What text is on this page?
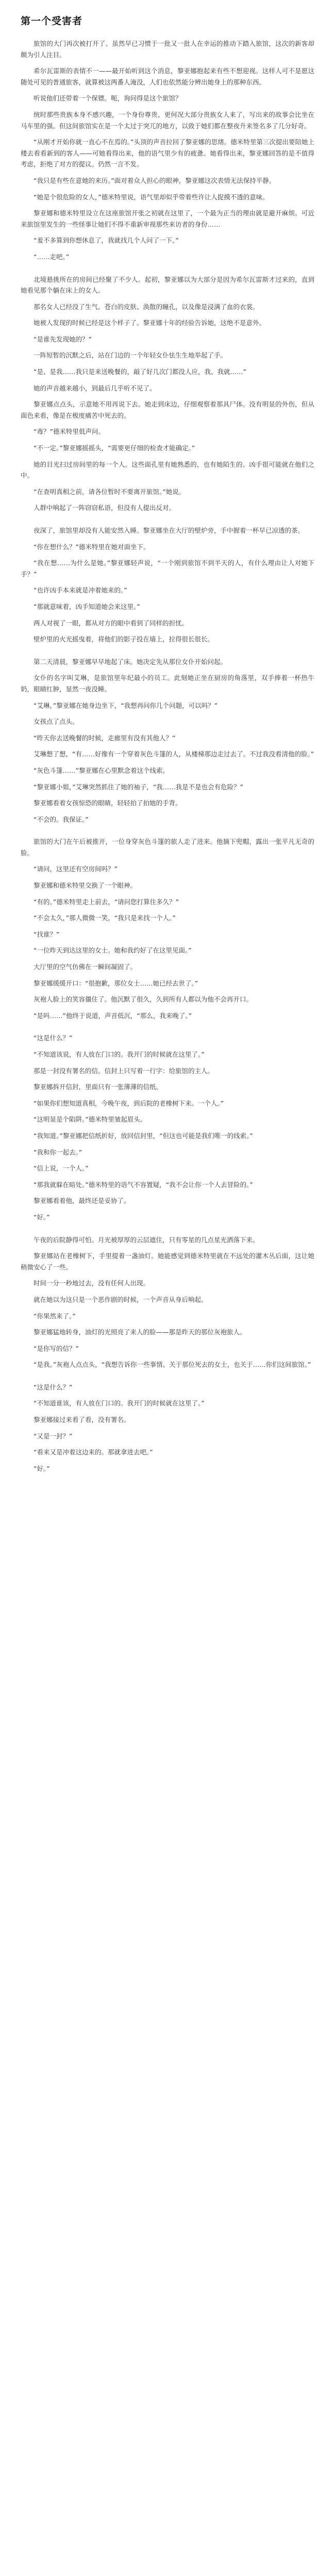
第一个受害者

旅馆的大门再次被打开了。虽然早已习惯于一批又一批人在幸运的推动下踏入旅馆，这次的新客却颇为引人注目。

希尔瓦雷斯的表情不一——最开始听到这个消息，黎亚娜抱起来有些不想迎视。这样人可不是愿这随处可见的普通旅客，就算被这两番人淹没，人们也依然能分辨出她身上的那种东西。

听说他们还带着一个保镖。呃，询问得是这个旅馆？

统时那些贵族本身不感兴趣，一个身份尊贵、更何况大部分贵族女人来了，写出来的故事会比坐在马车里的强。但这间旅馆实在是一个太过于突兀的地方，以致于她们都在整夜升来签名多了几分好奇。

“从刚才开始你就一直心不在焉的。”头顶的声音拉回了黎亚娜的思绪。德米特里第三次提出要陪她上楼去看看新到的客人——可她看得出来，他的语气里少有的疲惫。她看得出来，黎亚娜回答的是不值得考虑，拒绝了对方的提议。仍然一言不发。

“我只是有些在意她的来历。”面对着众人担心的眼神，黎亚娜这次表情无法保持平静。

“她是个很危险的女人，”德米特里说，语气里却似乎带着些许让人捉摸不透的意味。

黎亚娜和德米特里设立在这座旅馆开张之初就在这里了，一个最为正当的理由就是避开麻烦。可近来旅馆里发生的一些怪事让她们不得不重新审视那些来访者的身份……

“羞不多算到你想休息了，我就找几个人问了一下。”

“……走吧。”

北境悬挑所在的房间已经聚了不少人。起初，黎亚娜以为大部分是因为希尔瓦雷斯才过来的，直到她看见那个躺在床上的女人。

那名女人已经没了生气。苍白的皮肤、涣散的瞳孔，以及像是浸满了血的衣裳。

她被人发现的时候已经是这个样子了。黎亚娜十年的经验告诉她，这绝不是意外。

“是谁先发现她的？”

一阵短暂的沉默之后，站在门边的一个年轻女仆怯生生地举起了手。

“是、是我……我只是来送晚餐的，敲了好几次门都没人应，我、我就……”

她的声音越来越小，到最后几乎听不见了。

黎亚娜点点头，示意她不用再说下去。她走到床边，仔细观察着那具尸体。没有明显的外伤，但从面色来看，像是在极度痛苦中死去的。

“毒？”德米特里低声问。

“不一定。”黎亚娜摇摇头，“需要更仔细的检查才能确定。”

她的目光扫过房间里的每一个人。这些面孔里有她熟悉的，也有她陌生的。凶手很可能就在他们之中。

“在查明真相之前，请各位暂时不要离开旅馆。”她说。

人群中响起了一阵窃窃私语，但没有人提出反对。

夜深了，旅馆里却没有人能安然入睡。黎亚娜坐在大厅的壁炉旁，手中握着一杯早已凉透的茶。

“你在想什么？”德米特里在她对面坐下。

“我在想……为什么是她。”黎亚娜轻声说，“一个刚到旅馆不到半天的人，有什么理由让人对她下手？”

“也许凶手本来就是冲着她来的。”

“那就意味着，凶手知道她会来这里。”

两人对视了一眼，都从对方的眼中看到了同样的担忧。

壁炉里的火光摇曳着，将他们的影子投在墙上，拉得很长很长。

第二天清晨，黎亚娜早早地起了床。她决定先从那位女仆开始问起。

女仆的名字叫艾琳，是旅馆里年纪最小的员工。此刻她正坐在厨房的角落里，双手捧着一杯热牛奶，眼睛红肿，显然一夜没睡。

“艾琳，”黎亚娜在她身边坐下，“我想再问你几个问题，可以吗？”

女孩点了点头。

“昨天你去送晚餐的时候，走廊里有没有其他人？”

艾琳想了想，“有……好像有一个穿着灰色斗篷的人，从楼梯那边走过去了。不过我没看清他的脸。”

“灰色斗篷……”黎亚娜在心里默念着这个线索。

“黎亚娜小姐，”艾琳突然抓住了她的袖子，“我……我是不是也会有危险？”

黎亚娜看着女孩惊恐的眼睛，轻轻拍了拍她的手背。

“不会的。我保证。”

旅馆的大门在午后被推开，一位身穿灰色斗篷的旅人走了进来。他摘下兜帽，露出一张平凡无奇的脸。

“请问，这里还有空房间吗？”

黎亚娜和德米特里交换了一个眼神。

“有的。”德米特里走上前去，“请问您打算住多久？”

“不会太久，”那人微微一笑，“我只是来找一个人。”

“找谁？”

“一位昨天到达这里的女士。她和我约好了在这里见面。”

大厅里的空气仿佛在一瞬间凝固了。

黎亚娜缓缓开口：“很抱歉，那位女士……她已经去世了。”

灰袍人脸上的笑容僵住了。他沉默了很久，久到所有人都以为他不会再开口。

“是吗……”他终于说道，声音低沉，“那么，我来晚了。”

“这是什么？”

“不知道该说，有人放在门口的。我开门的时候就在这里了。”

那是一封没有署名的信。信封上只写着一行字：给旅馆的主人。

黎亚娜拆开信封，里面只有一张薄薄的信纸。

“如果你们想知道真相，今晚午夜，到后院的老橡树下来。一个人。”

“这明显是个陷阱。”德米特里皱起眉头。

“我知道。”黎亚娜把信纸折好，放回信封里，“但这也可能是我们唯一的线索。”

“我和你一起去。”

“信上说，一个人。”

“那我就躲在暗处。”德米特里的语气不容置疑，“我不会让你一个人去冒险的。”

黎亚娜看着他，最终还是妥协了。

“好。”

午夜的后院静得可怕。月光被厚厚的云层遮住，只有零星的几点星光洒落下来。

黎亚娜站在老橡树下，手里提着一盏油灯。她能感觉到德米特里就在不远处的灌木丛后面，这让她稍微安心了一些。

时间一分一秒地过去，没有任何人出现。

就在她以为这只是一个恶作剧的时候，一个声音从身后响起。

“你果然来了。”

黎亚娜猛地转身，油灯的光照亮了来人的脸——那是昨天的那位灰袍旅人。

“是你写的信？”

“是我。”灰袍人点点头，“我想告诉你一些事情。关于那位死去的女士，也关于……你们这间旅馆。”

“这是什么？”

“不知道谁该，有人放在门口的。我开门的时候就在这里了。”

黎亚娜接过来看了看，没有署名。

“又是一封？”

“看来又是冲着这边来的。那就拿进去吧。”

“好。”
